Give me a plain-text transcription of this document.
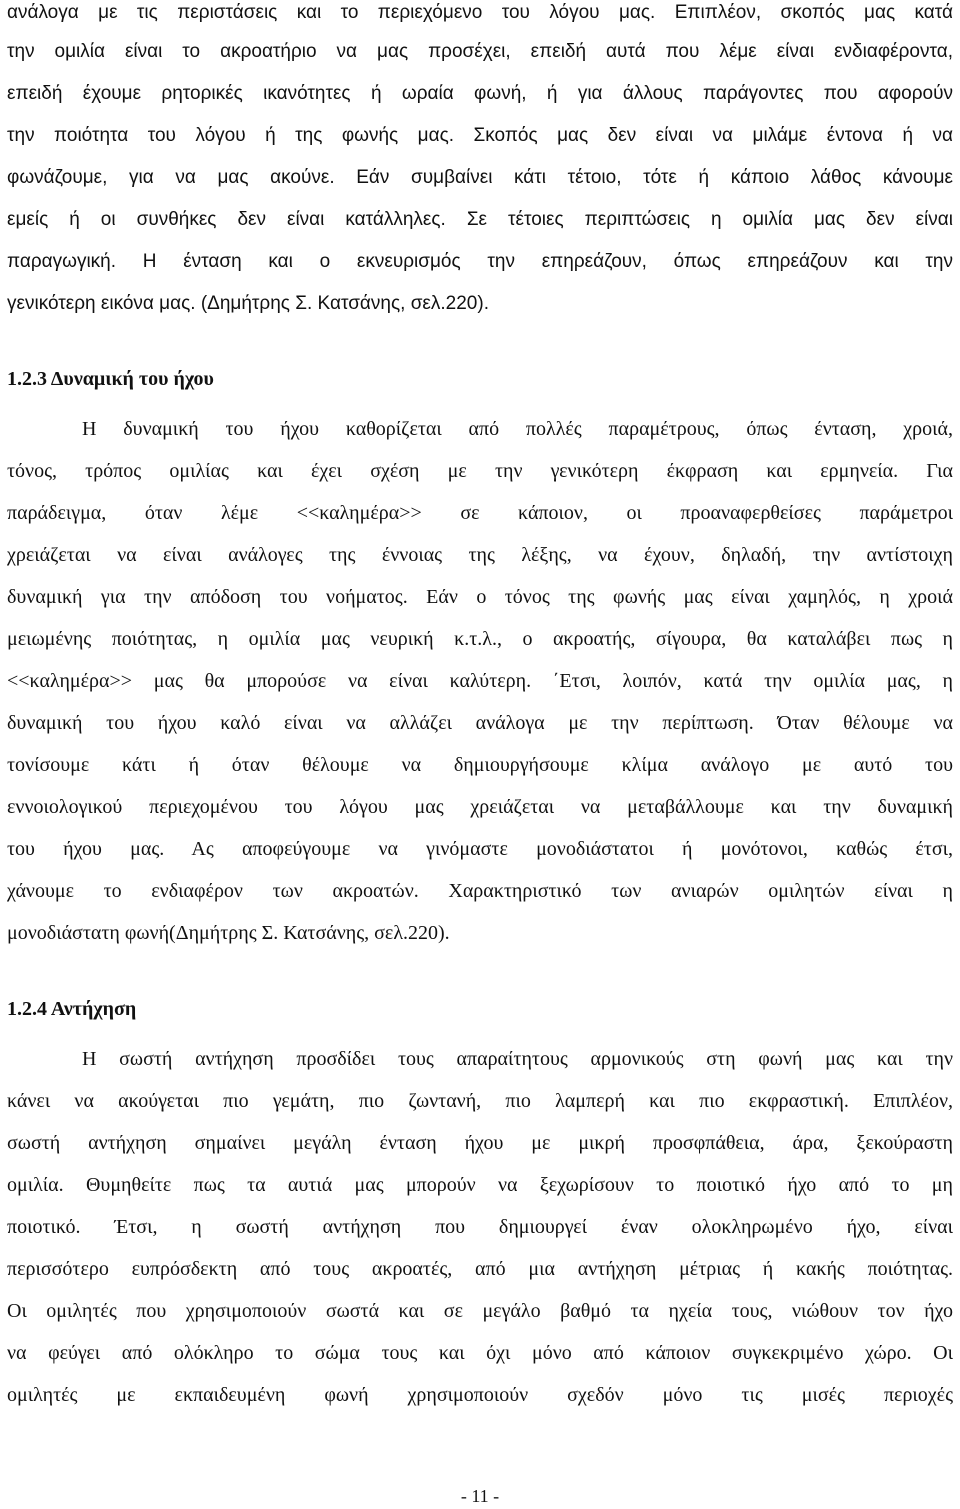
ανάλογα με τις περιστάσεις και το περιεχόμενο του λόγου μας. Επιπλέον, σκοπός μας κατά
την ομιλία είναι το ακροατήριο να μας προσέχει, επειδή αυτά που λέμε είναι ενδιαφέροντα,
επειδή έχουμε ρητορικές ικανότητες ή ωραία φωνή, ή για άλλους παράγοντες που αφορούν
την ποιότητα του λόγου ή της φωνής μας. Σκοπός μας δεν είναι να μιλάμε έντονα ή να
φωνάζουμε, για να μας ακούνε. Εάν συμβαίνει κάτι τέτοιο, τότε ή κάποιο λάθος κάνουμε
εμείς ή οι συνθήκες δεν είναι κατάλληλες. Σε τέτοιες περιπτώσεις η ομιλία μας δεν είναι
παραγωγική. Η ένταση και ο εκνευρισμός την επηρεάζουν, όπως επηρεάζουν και την
γενικότερη εικόνα μας. (Δημήτρης Σ. Κατσάνης, σελ.220).
1.2.3 Δυναμική του ήχου
Η δυναμική του ήχου καθορίζεται από πολλές παραμέτρους, όπως ένταση, χροιά,
τόνος, τρόπος ομιλίας και έχει σχέση με την γενικότερη έκφραση και ερμηνεία. Για
παράδειγμα, όταν λέμε <<καλημέρα>> σε κάποιον, οι προαναφερθείσες παράμετροι
χρειάζεται να είναι ανάλογες της έννοιας της λέξης, να έχουν, δηλαδή, την αντίστοιχη
δυναμική για την απόδοση του νοήματος. Εάν ο τόνος της φωνής μας είναι χαμηλός, η χροιά
μειωμένης ποιότητας, η ομιλία μας νευρική κ.τ.λ., ο ακροατής, σίγουρα, θα καταλάβει πως η
<<καλημέρα>> μας θα μπορούσε να είναι καλύτερη. ΄Ετσι, λοιπόν, κατά την ομιλία μας, η
δυναμική του ήχου καλό είναι να αλλάζει ανάλογα με την περίπτωση. Όταν θέλουμε να
τονίσουμε κάτι ή όταν θέλουμε να δημιουργήσουμε κλίμα ανάλογο με αυτό του
εννοιολογικού περιεχομένου του λόγου μας χρειάζεται να μεταβάλλουμε και την δυναμική
του ήχου μας. Ας αποφεύγουμε να γινόμαστε μονοδιάστατοι ή μονότονοι, καθώς έτσι,
χάνουμε το ενδιαφέρον των ακροατών. Χαρακτηριστικό των ανιαρών ομιλητών είναι η
μονοδιάστατη φωνή(Δημήτρης Σ. Κατσάνης, σελ.220).
1.2.4 Αντήχηση
Η σωστή αντήχηση προσδίδει τους απαραίτητους αρμονικούς στη φωνή μας και την
κάνει να ακούγεται πιο γεμάτη, πιο ζωντανή, πιο λαμπερή και πιο εκφραστική. Επιπλέον,
σωστή αντήχηση σημαίνει μεγάλη ένταση ήχου με μικρή προσφπάθεια, άρα, ξεκούραστη
ομιλία. Θυμηθείτε πως τα αυτιά μας μπορούν να ξεχωρίσουν το ποιοτικό ήχο από το μη
ποιοτικό. Έτσι, η σωστή αντήχηση που δημιουργεί έναν ολοκληρωμένο ήχο, είναι
περισσότερο ευπρόσδεκτη από τους ακροατές, από μια αντήχηση μέτριας ή κακής ποιότητας.
Οι ομιλητές που χρησιμοποιούν σωστά και σε μεγάλο βαθμό τα ηχεία τους, νιώθουν τον ήχο
να φεύγει από ολόκληρο το σώμα τους και όχι μόνο από κάποιον συγκεκριμένο χώρο. Οι
ομιλητές με εκπαιδευμένη φωνή χρησιμοποιούν σχεδόν μόνο τις μισές περιοχές
- 11 -
